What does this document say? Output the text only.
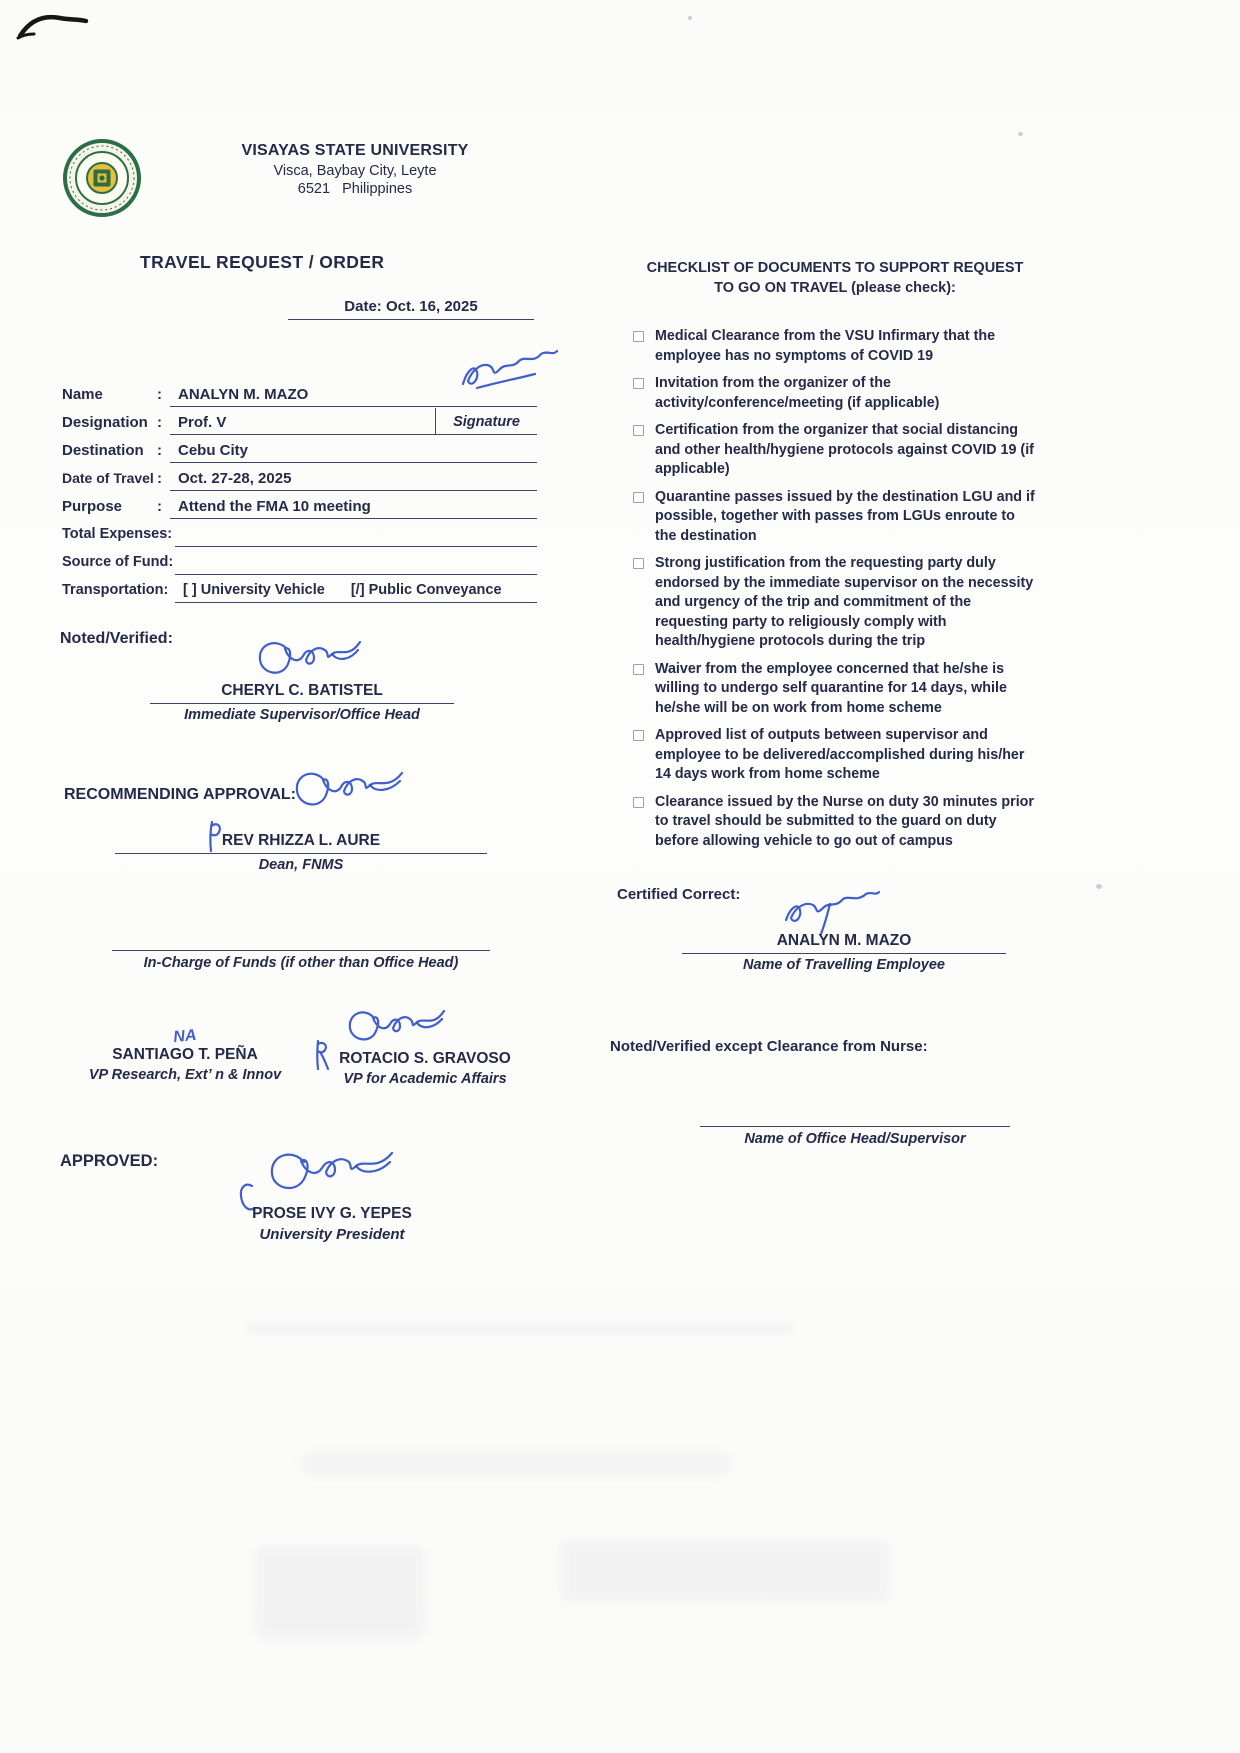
VISAYAS STATE UNIVERSITY
Visca, Baybay City, Leyte
6521   Philippines
TRAVEL REQUEST / ORDER
Date: Oct. 16, 2025
Name	:	ANALYN M. MAZO
Designation :	Prof. V	Signature
Destination :	Cebu City
Date of Travel :	Oct. 27-28, 2025
Purpose :	Attend the FMA 10 meeting
Total Expenses:
Source of Fund:
Transportation: [ ] University Vehicle [/] Public Conveyance
Noted/Verified:
CHERYL C. BATISTEL
Immediate Supervisor/Office Head
RECOMMENDING APPROVAL:
REV RHIZZA L. AURE
Dean, FNMS
In-Charge of Funds (if other than Office Head)
NA
SANTIAGO T. PEÑA
VP Research, Ext’ n & Innov
ROTACIO S. GRAVOSO
VP for Academic Affairs
APPROVED:
PROSE IVY G. YEPES
University President
CHECKLIST OF DOCUMENTS TO SUPPORT REQUEST
TO GO ON TRAVEL (please check):
Medical Clearance from the VSU Infirmary that the employee has no symptoms of COVID 19
Invitation from the organizer of the activity/conference/meeting (if applicable)
Certification from the organizer that social distancing and other health/hygiene protocols against COVID 19 (if applicable)
Quarantine passes issued by the destination LGU and if possible, together with passes from LGUs enroute to the destination
Strong justification from the requesting party duly endorsed by the immediate supervisor on the necessity and urgency of the trip and commitment of the requesting party to religiously comply with health/hygiene protocols during the trip
Waiver from the employee concerned that he/she is willing to undergo self quarantine for 14 days, while he/she will be on work from home scheme
Approved list of outputs between supervisor and employee to be delivered/accomplished during his/her 14 days work from home scheme
Clearance issued by the Nurse on duty 30 minutes prior to travel should be submitted to the guard on duty before allowing vehicle to go out of campus
Certified Correct:
ANALYN M. MAZO
Name of Travelling Employee
Noted/Verified except Clearance from Nurse:
Name of Office Head/Supervisor
